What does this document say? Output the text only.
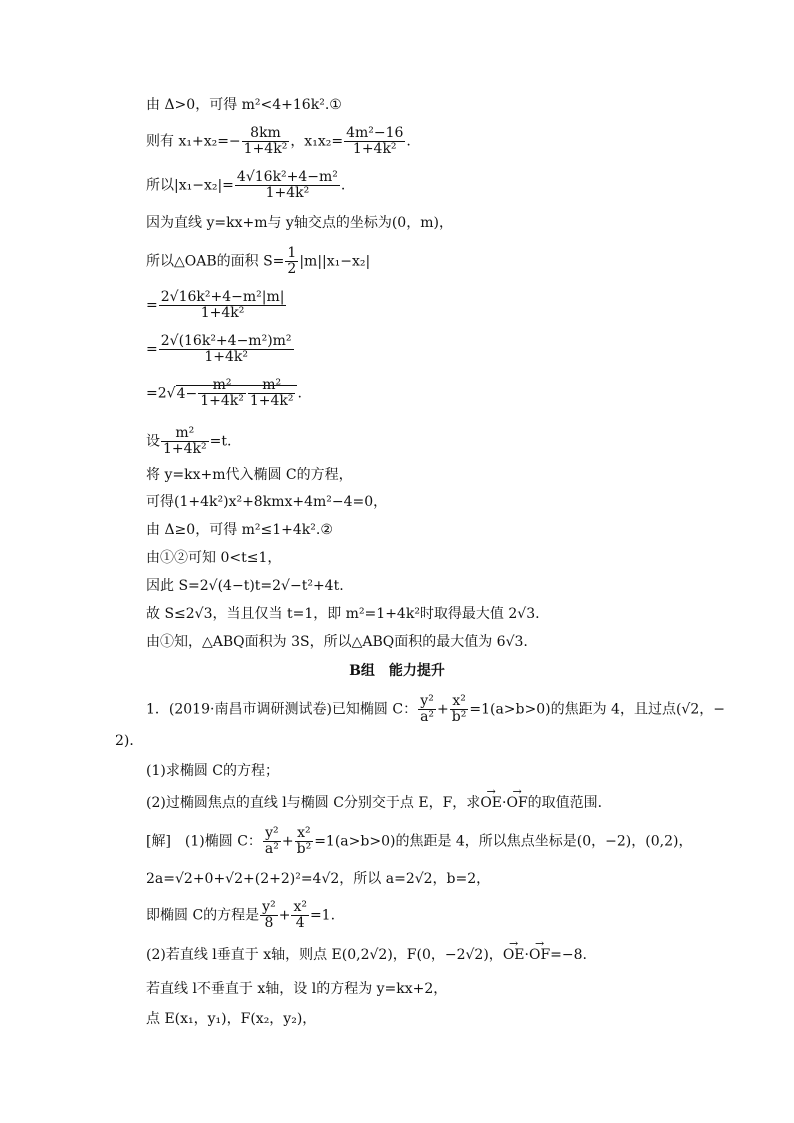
由 Δ>0，可得 m²<4+16k².①
则有 $x_1+x_2=- \frac{8km}{\text{1+4k²}}$ ，$x_1x_2= \frac{\text{4m²−16}}{\text{1+4k²}}$ .
所以$|x_1-x_2|= \frac{\text{4√16k²+4−m²}}{\text{1+4k²}}$ .
因为直线 y=kx+m与 y轴交点的坐标为(0，m)，
所以△OAB的面积 $S= \frac{1}{2} |m||x_1-x_2|$
= $\frac{\text{2√16k²+4−m²|m|}}{\text{1+4k²}}$
= $\frac{\text{2√(16k²+4−m²)m²}}{\text{1+4k²}}$
$=2√4- \frac{\text{m²}}{\text{1+4k²}} \frac{\text{m²}}{\text{1+4k²}}$ .
设 $\frac{\text{m²}}{\text{1+4k²}} =t$.
将 y=kx+m代入椭圆 C的方程，
可得(1+4k²)x²+8kmx+4m²−4=0，
由 Δ≥0，可得 m²≤1+4k².②
由①②可知 0<t≤1，
因此 S=2√(4−t)t=2√−t²+4t.
故 S≤2√3，当且仅当 t=1，即 m²=1+4k²时取得最大值 2√3.
由①知，△ABQ面积为 3S，所以△ABQ面积的最大值为 6√3.
B组　能力提升
1．(2019·南昌市调研测试卷)已知椭圆 C： $\frac{\text{y²}}{\text{a²}} + \frac{\text{x²}}{\text{b²}} =1(a>b>0)$的焦距为 4，且过点(√2，−
2)．
(1)求椭圆 C的方程；
(2)过椭圆焦点的直线 l与椭圆 C分别交于点 E，F，求→ OE·→ OF的取值范围．
[解]　(1)椭圆 C： $\frac{\text{y²}}{\text{a²}} + \frac{\text{x²}}{\text{b²}} =1(a>b>0)$的焦距是 4，所以焦点坐标是(0，−2)，(0,2)，
2a=√2+0+√2+(2+2)²=4√2，所以 a=2√2，b=2，
即椭圆 C的方程是 $\frac{\text{y²}}{8} + \frac{\text{x²}}{4} =1$.
(2)若直线 l垂直于 x轴，则点 E(0,2√2)，F(0，−2√2)，→ OE·→ OF=−8.
若直线 l不垂直于 x轴，设 l的方程为 y=kx+2，
点 E(x₁，y₁)，F(x₂，y₂)，
